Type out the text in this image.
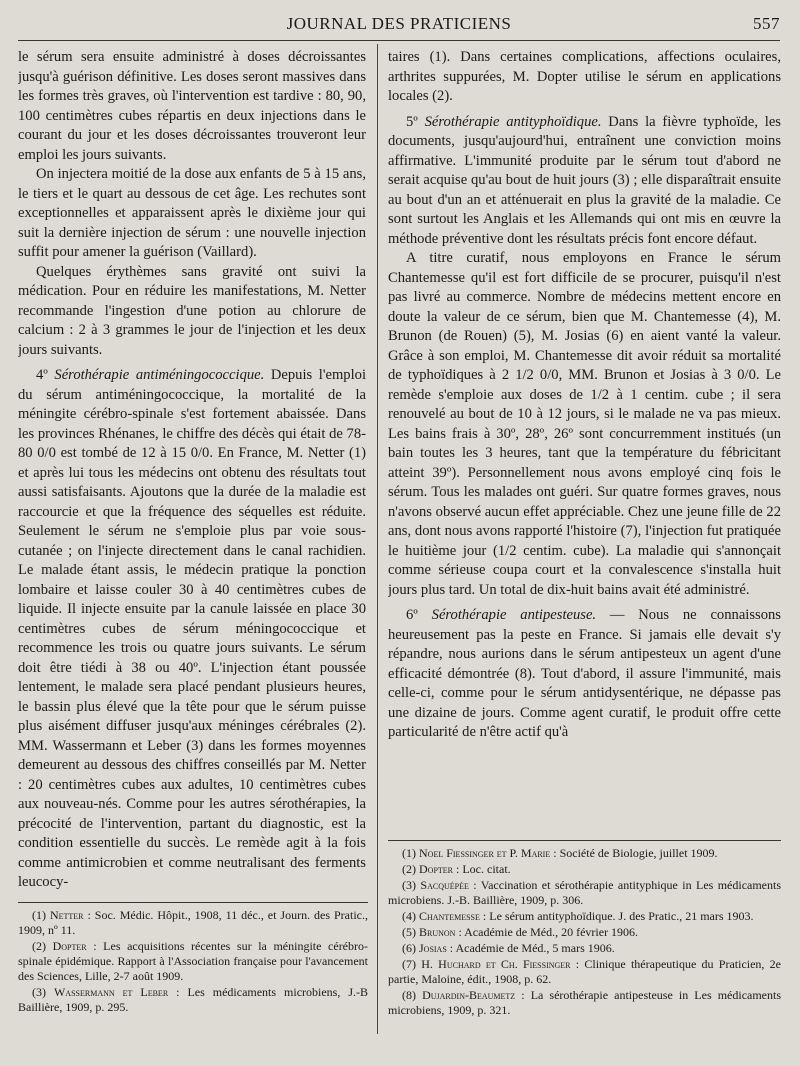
JOURNAL DES PRATICIENS	557

le sérum sera ensuite administré à doses décroissantes jusqu'à guérison définitive. Les doses seront massives dans les formes très graves, où l'intervention est tardive : 80, 90, 100 centimètres cubes répartis en deux injections dans le courant du jour et les doses décroissantes trouveront leur emploi les jours suivants.

On injectera moitié de la dose aux enfants de 5 à 15 ans, le tiers et le quart au dessous de cet âge. Les rechutes sont exceptionnelles et apparaissent après le dixième jour qui suit la dernière injection de sérum : une nouvelle injection suffit pour amener la guérison (Vaillard).

Quelques érythèmes sans gravité ont suivi la médication. Pour en réduire les manifestations, M. Netter recommande l'ingestion d'une potion au chlorure de calcium : 2 à 3 grammes le jour de l'injection et les deux jours suivants.

4º Sérothérapie antiméningococcique. Depuis l'emploi du sérum antiméningococcique, la mortalité de la méningite cérébro-spinale s'est fortement abaissée. Dans les provinces Rhénanes, le chiffre des décès qui était de 78-80 0/0 est tombé de 12 à 15 0/0. En France, M. Netter (1) et après lui tous les médecins ont obtenu des résultats tout aussi satisfaisants. Ajoutons que la durée de la maladie est raccourcie et que la fréquence des séquelles est réduite. Seulement le sérum ne s'emploie plus par voie sous-cutanée ; on l'injecte directement dans le canal rachidien. Le malade étant assis, le médecin pratique la ponction lombaire et laisse couler 30 à 40 centimètres cubes de liquide. Il injecte ensuite par la canule laissée en place 30 centimètres cubes de sérum méningococcique et recommence les trois ou quatre jours suivants. Le sérum doit être tiédi à 38 ou 40º. L'injection étant poussée lentement, le malade sera placé pendant plusieurs heures, le bassin plus élevé que la tête pour que le sérum puisse plus aisément diffuser jusqu'aux méninges cérébrales (2). MM. Wassermann et Leber (3) dans les formes moyennes demeurent au dessous des chiffres conseillés par M. Netter : 20 centimètres cubes aux adultes, 10 centimètres cubes aux nouveau-nés. Comme pour les autres sérothérapies, la précocité de l'intervention, partant du diagnostic, est la condition essentielle du succès. Le remède agit à la fois comme antimicrobien et comme neutralisant des ferments leucocy-

(1) Netter : Soc. Médic. Hôpit., 1908, 11 déc., et Journ. des Pratic., 1909, nº 11.

(2) Dopter : Les acquisitions récentes sur la méningite cérébro-spinale épidémique. Rapport à l'Association française pour l'avancement des Sciences, Lille, 2-7 août 1909.

(3) Wassermann et Leber : Les médicaments microbiens, J.-B Baillière, 1909, p. 295.

taires (1). Dans certaines complications, affections oculaires, arthrites suppurées, M. Dopter utilise le sérum en applications locales (2).

5º Sérothérapie antityphoïdique. Dans la fièvre typhoïde, les documents, jusqu'aujourd'hui, entraînent une conviction moins affirmative. L'immunité produite par le sérum tout d'abord ne serait acquise qu'au bout de huit jours (3) ; elle disparaîtrait ensuite au bout d'un an et atténuerait en plus la gravité de la maladie. Ce sont surtout les Anglais et les Allemands qui ont mis en œuvre la méthode préventive dont les résultats précis font encore défaut.

A titre curatif, nous employons en France le sérum Chantemesse qu'il est fort difficile de se procurer, puisqu'il n'est pas livré au commerce. Nombre de médecins mettent encore en doute la valeur de ce sérum, bien que M. Chantemesse (4), M. Brunon (de Rouen) (5), M. Josias (6) en aient vanté la valeur. Grâce à son emploi, M. Chantemesse dit avoir réduit sa mortalité de typhoïdiques à 2 1/2 0/0, MM. Brunon et Josias à 3 0/0. Le remède s'emploie aux doses de 1/2 à 1 centim. cube ; il sera renouvelé au bout de 10 à 12 jours, si le malade ne va pas mieux. Les bains frais à 30º, 28º, 26º sont concurremment institués (un bain toutes les 3 heures, tant que la température du fébricitant atteint 39º). Personnellement nous avons employé cinq fois le sérum. Tous les malades ont guéri. Sur quatre formes graves, nous n'avons observé aucun effet appréciable. Chez une jeune fille de 22 ans, dont nous avons rapporté l'histoire (7), l'injection fut pratiquée le huitième jour (1/2 centim. cube). La maladie qui s'annonçait comme sérieuse coupa court et la convalescence s'installa huit jours plus tard. Un total de dix-huit bains avait été administré.

6º Sérothérapie antipesteuse. — Nous ne connaissons heureusement pas la peste en France. Si jamais elle devait s'y répandre, nous aurions dans le sérum antipesteux un agent d'une efficacité démontrée (8). Tout d'abord, il assure l'immunité, mais celle-ci, comme pour le sérum antidysentérique, ne dépasse pas une dizaine de jours. Comme agent curatif, le produit offre cette particularité de n'être actif qu'à

(1) Noel Fiessinger et P. Marie : Société de Biologie, juillet 1909.

(2) Dopter : Loc. citat.

(3) Sacquépée : Vaccination et sérothérapie antityphique in Les médicaments microbiens. J.-B. Baillière, 1909, p. 306.

(4) Chantemesse : Le sérum antityphoïdique. J. des Pratic., 21 mars 1903.

(5) Brunon : Académie de Méd., 20 février 1906.

(6) Josias : Académie de Méd., 5 mars 1906.

(7) H. Huchard et Ch. Fiessinger : Clinique thérapeutique du Praticien, 2e partie, Maloine, édit., 1908, p. 62.

(8) Dujardin-Beaumetz : La sérothérapie antipesteuse in Les médicaments microbiens, 1909, p. 321.
